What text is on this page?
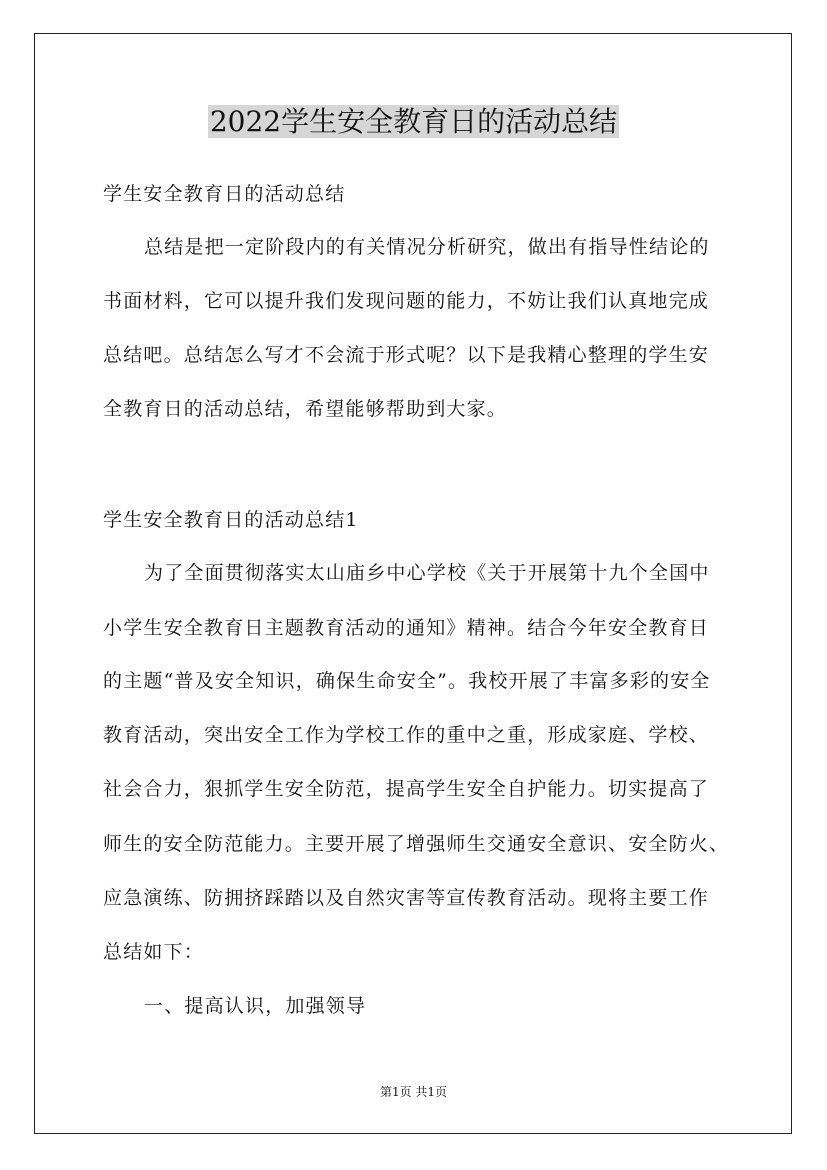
2022学生安全教育日的活动总结
学生安全教育日的活动总结
总结是把一定阶段内的有关情况分析研究，做出有指导性结论的
书面材料，它可以提升我们发现问题的能力，不妨让我们认真地完成
总结吧。总结怎么写才不会流于形式呢？以下是我精心整理的学生安
全教育日的活动总结，希望能够帮助到大家。
学生安全教育日的活动总结1
为了全面贯彻落实太山庙乡中心学校《关于开展第十九个全国中
小学生安全教育日主题教育活动的通知》精神。结合今年安全教育日
的主题“普及安全知识，确保生命安全”。我校开展了丰富多彩的安全
教育活动，突出安全工作为学校工作的重中之重，形成家庭、学校、
社会合力，狠抓学生安全防范，提高学生安全自护能力。切实提高了
师生的安全防范能力。主要开展了增强师生交通安全意识、安全防火、
应急演练、防拥挤踩踏以及自然灾害等宣传教育活动。现将主要工作
总结如下：
一、提高认识，加强领导
第1页 共1页
